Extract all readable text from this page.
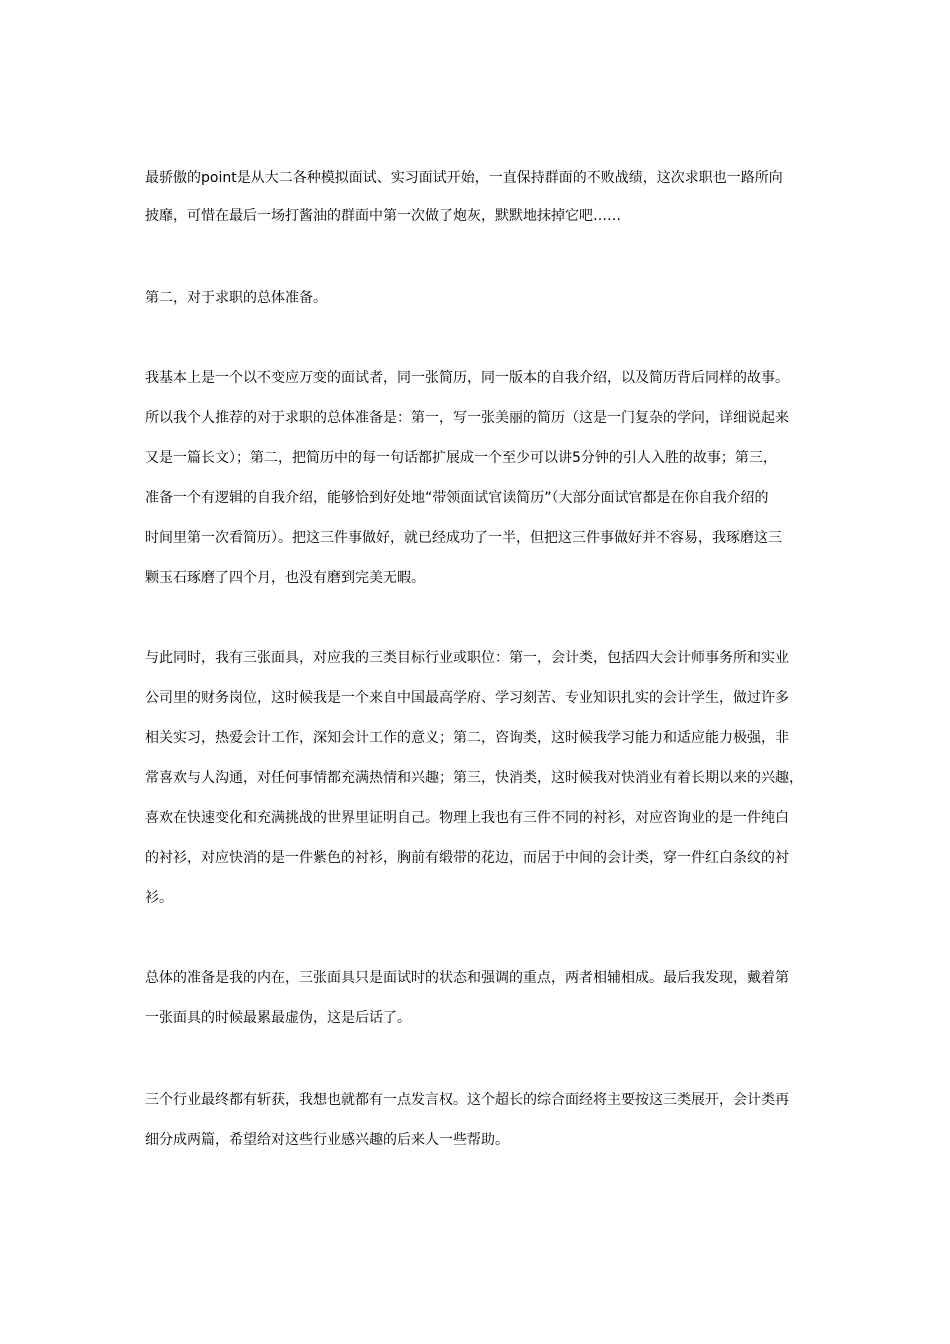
最骄傲的point是从大二各种模拟面试、实习面试开始，一直保持群面的不败战绩，这次求职也一路所向
披靡，可惜在最后一场打酱油的群面中第一次做了炮灰，默默地抹掉它吧……
第二，对于求职的总体准备。
我基本上是一个以不变应万变的面试者，同一张简历，同一版本的自我介绍，以及简历背后同样的故事。
所以我个人推荐的对于求职的总体准备是：第一，写一张美丽的简历（这是一门复杂的学问，详细说起来
又是一篇长文）；第二，把简历中的每一句话都扩展成一个至少可以讲5分钟的引人入胜的故事；第三，
准备一个有逻辑的自我介绍，能够恰到好处地“带领面试官读简历”（大部分面试官都是在你自我介绍的
时间里第一次看简历）。把这三件事做好，就已经成功了一半，但把这三件事做好并不容易，我琢磨这三
颗玉石琢磨了四个月，也没有磨到完美无暇。
与此同时，我有三张面具，对应我的三类目标行业或职位：第一，会计类，包括四大会计师事务所和实业
公司里的财务岗位，这时候我是一个来自中国最高学府、学习刻苦、专业知识扎实的会计学生，做过许多
相关实习，热爱会计工作，深知会计工作的意义；第二，咨询类，这时候我学习能力和适应能力极强，非
常喜欢与人沟通，对任何事情都充满热情和兴趣；第三，快消类，这时候我对快消业有着长期以来的兴趣，
喜欢在快速变化和充满挑战的世界里证明自己。物理上我也有三件不同的衬衫，对应咨询业的是一件纯白
的衬衫，对应快消的是一件紫色的衬衫，胸前有缎带的花边，而居于中间的会计类，穿一件红白条纹的衬
衫。
总体的准备是我的内在，三张面具只是面试时的状态和强调的重点，两者相辅相成。最后我发现，戴着第
一张面具的时候最累最虚伪，这是后话了。
三个行业最终都有斩获，我想也就都有一点发言权。这个超长的综合面经将主要按这三类展开，会计类再
细分成两篇，希望给对这些行业感兴趣的后来人一些帮助。
